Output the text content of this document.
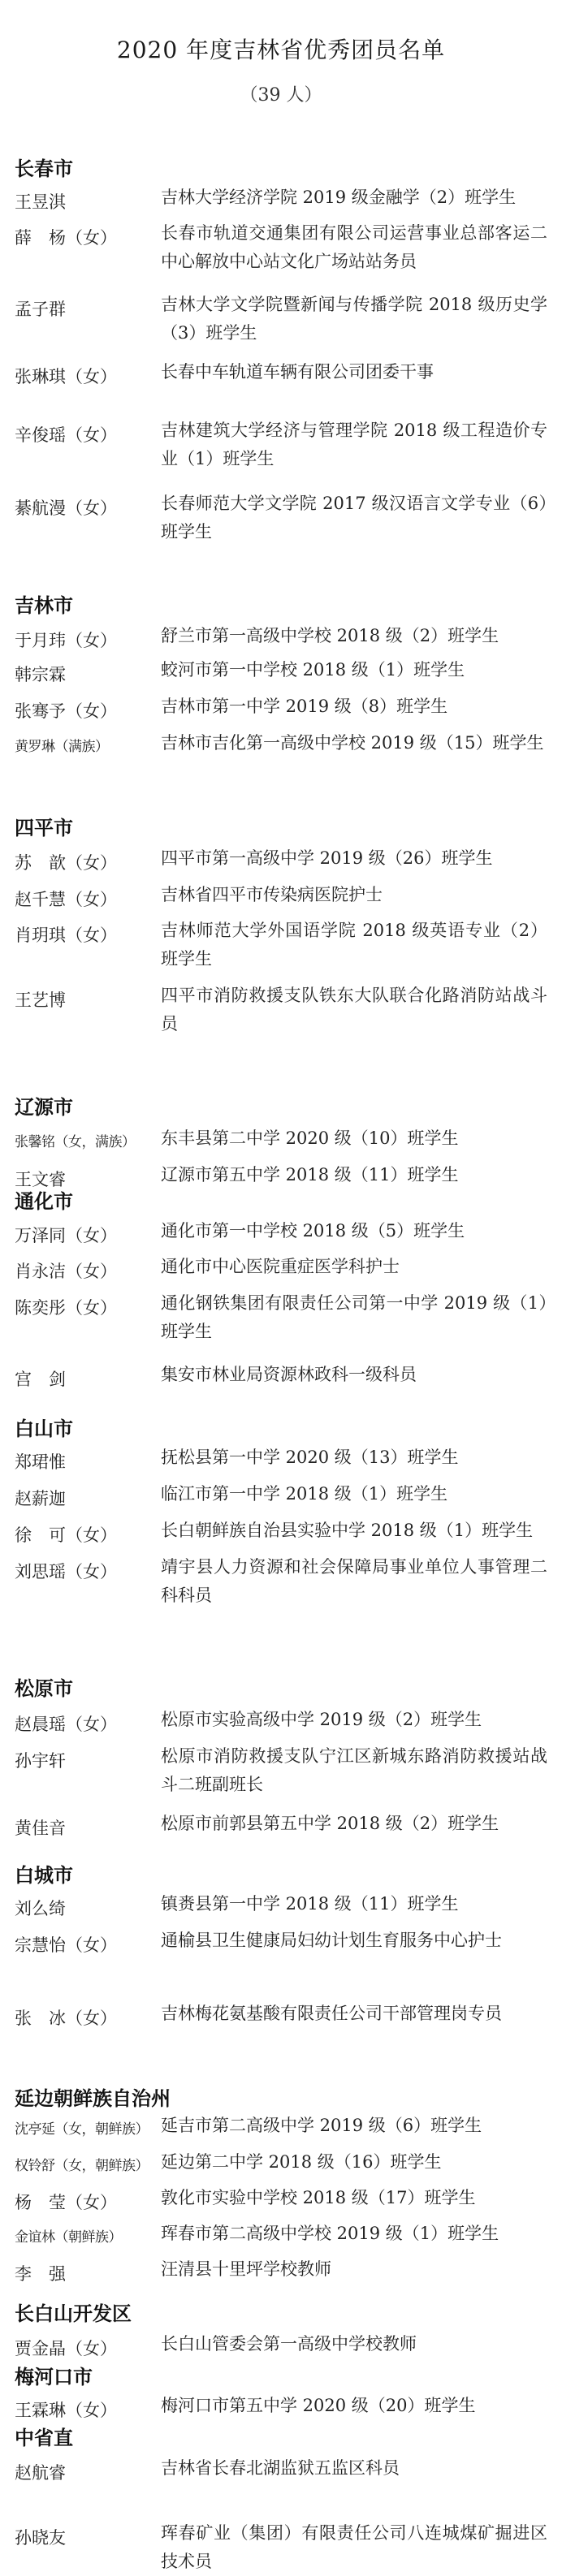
2020 年度吉林省优秀团员名单
（39 人）
长春市
王昱淇	吉林大学经济学院 2019 级金融学（2）班学生
薛　杨（女）	长春市轨道交通集团有限公司运营事业总部客运二中心解放中心站文化广场站站务员
孟子群	吉林大学文学院暨新闻与传播学院 2018 级历史学（3）班学生
张琳琪（女）	长春中车轨道车辆有限公司团委干事
辛俊瑶（女）	吉林建筑大学经济与管理学院 2018 级工程造价专业（1）班学生
綦航漫（女）	长春师范大学文学院 2017 级汉语言文学专业（6）班学生
吉林市
于月玮（女）	舒兰市第一高级中学校 2018 级（2）班学生
韩宗霖	蛟河市第一中学校 2018 级（1）班学生
张骞予（女）	吉林市第一中学 2019 级（8）班学生
黄罗琳（满族）	吉林市吉化第一高级中学校 2019 级（15）班学生
四平市
苏　歆（女）	四平市第一高级中学 2019 级（26）班学生
赵千慧（女）	吉林省四平市传染病医院护士
肖玥琪（女）	吉林师范大学外国语学院 2018 级英语专业（2）班学生
王艺博	四平市消防救援支队铁东大队联合化路消防站战斗员
辽源市
张馨铭（女，满族） 东丰县第二中学 2020 级（10）班学生
王文睿	辽源市第五中学 2018 级（11）班学生
通化市
万泽同（女）	通化市第一中学校 2018 级（5）班学生
肖永洁（女）	通化市中心医院重症医学科护士
陈奕彤（女）	通化钢铁集团有限责任公司第一中学 2019 级（1）班学生
宫　剑	集安市林业局资源林政科一级科员
白山市
郑珺惟	抚松县第一中学 2020 级（13）班学生
赵薪迦	临江市第一中学 2018 级（1）班学生
徐　可（女）	长白朝鲜族自治县实验中学 2018 级（1）班学生
刘思瑶（女）	靖宇县人力资源和社会保障局事业单位人事管理二科科员
松原市
赵晨瑶（女）	松原市实验高级中学 2019 级（2）班学生
孙宇轩	松原市消防救援支队宁江区新城东路消防救援站战斗二班副班长
黄佳音	松原市前郭县第五中学 2018 级（2）班学生
白城市
刘么绮	镇赉县第一中学 2018 级（11）班学生
宗慧怡（女）	通榆县卫生健康局妇幼计划生育服务中心护士
张　冰（女）	吉林梅花氨基酸有限责任公司干部管理岗专员
延边朝鲜族自治州
沈亭延（女，朝鲜族） 延吉市第二高级中学 2019 级（6）班学生
权铃舒（女，朝鲜族） 延边第二中学 2018 级（16）班学生
杨　莹（女）	敦化市实验中学校 2018 级（17）班学生
金谊林（朝鲜族） 珲春市第二高级中学校 2019 级（1）班学生
李　强	汪清县十里坪学校教师
长白山开发区
贾金晶（女）	长白山管委会第一高级中学校教师
梅河口市
王霖琳（女）	梅河口市第五中学 2020 级（20）班学生
中省直
赵航睿	吉林省长春北湖监狱五监区科员
孙晓友	珲春矿业（集团）有限责任公司八连城煤矿掘进区技术员
